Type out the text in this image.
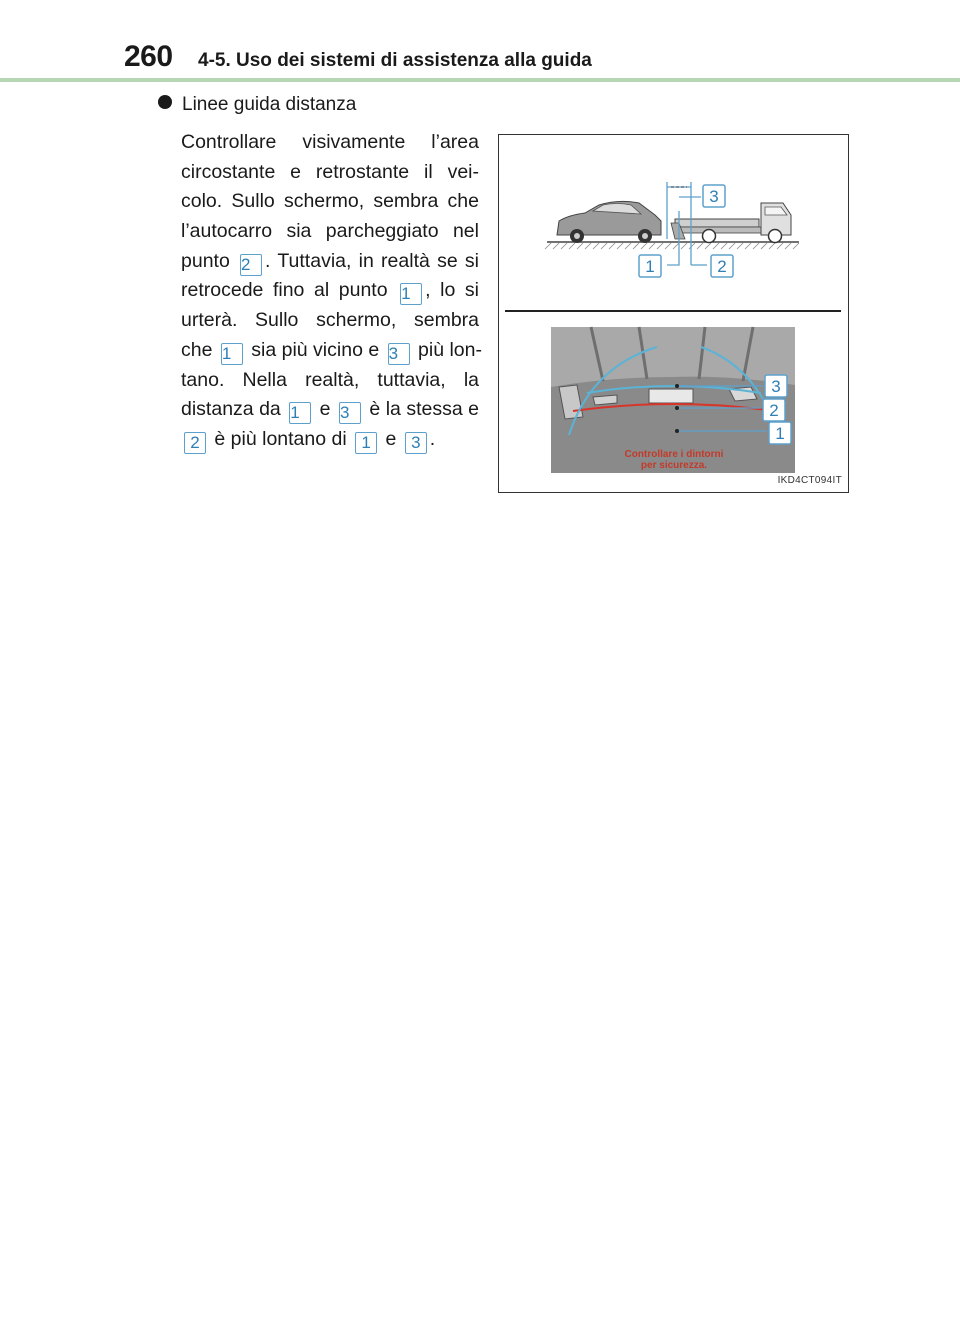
260 4-5. Uso dei sistemi di assistenza alla guida
Linee guida distanza
Controllare visivamente l’area
circostante e retrostante il vei-
colo. Sullo schermo, sembra che
l’autocarro sia parcheggiato nel
punto 2 . Tuttavia, in realtà se si
retrocede fino al punto 1 , lo si
urterà. Sullo schermo, sembra
che 1 sia più vicino e 3 più lon-
tano. Nella realtà, tuttavia, la
distanza da 1 e 3 è la stessa e
2 è più lontano di 1 e 3 .
3
1	2
3
2
1
Controllare i dintorni
per sicurezza.
IKD4CT094IT
